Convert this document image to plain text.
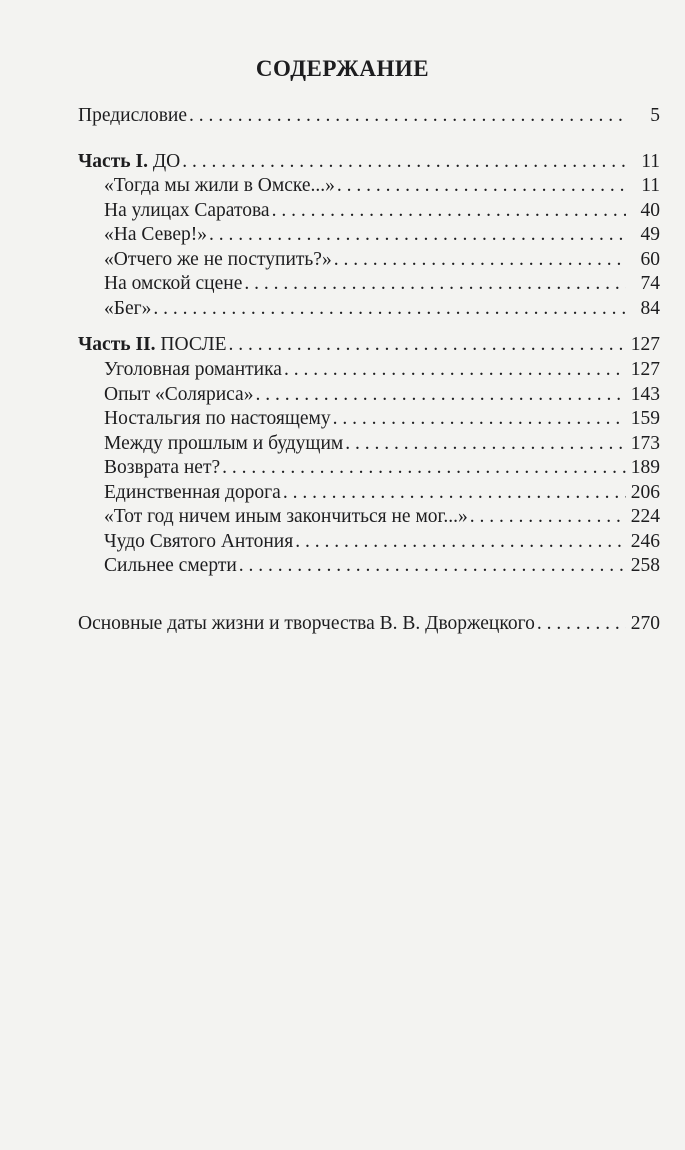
СОДЕРЖАНИЕ
Предисловие . . .	5
Часть I. ДО . . .	11
«Тогда мы жили в Омске...» . . .	11
На улицах Саратова . . .	40
«На Север!» . . .	49
«Отчего же не поступить?» . . .	60
На омской сцене . . .	74
«Бег» . . .	84
Часть II. ПОСЛЕ . . .	127
Уголовная романтика . . .	127
Опыт «Соляриса» . . .	143
Ностальгия по настоящему . . .	159
Между прошлым и будущим . . .	173
Возврата нет? . . .	189
Единственная дорога . . .	206
«Тот год ничем иным закончиться не мог...» . . .	224
Чудо Святого Антония . . .	246
Сильнее смерти . . .	258
Основные даты жизни и творчества В. В. Дворжецкого . . .	270
